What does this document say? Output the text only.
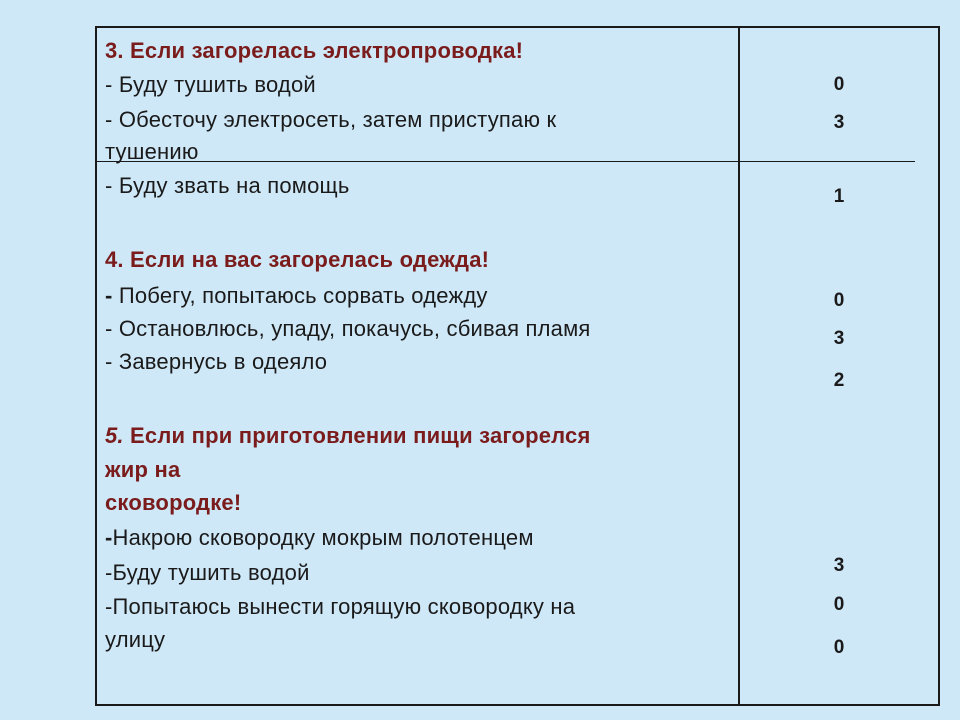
3. Если загорелась электропроводка!
- Буду тушить водой
- Обесточу электросеть, затем приступаю к
тушению
- Буду звать на помощь
4. Если на вас загорелась одежда!
- Побегу, попытаюсь сорвать одежду
- Остановлюсь, упаду, покачусь, сбивая пламя
- Завернусь в одеяло
5. Если при приготовлении пищи загорелся
жир на
сковородке!
-Накрою сковородку мокрым полотенцем
-Буду тушить водой
-Попытаюсь вынести горящую сковородку на
улицу
0
3
1
0
3
2
3
0
0
